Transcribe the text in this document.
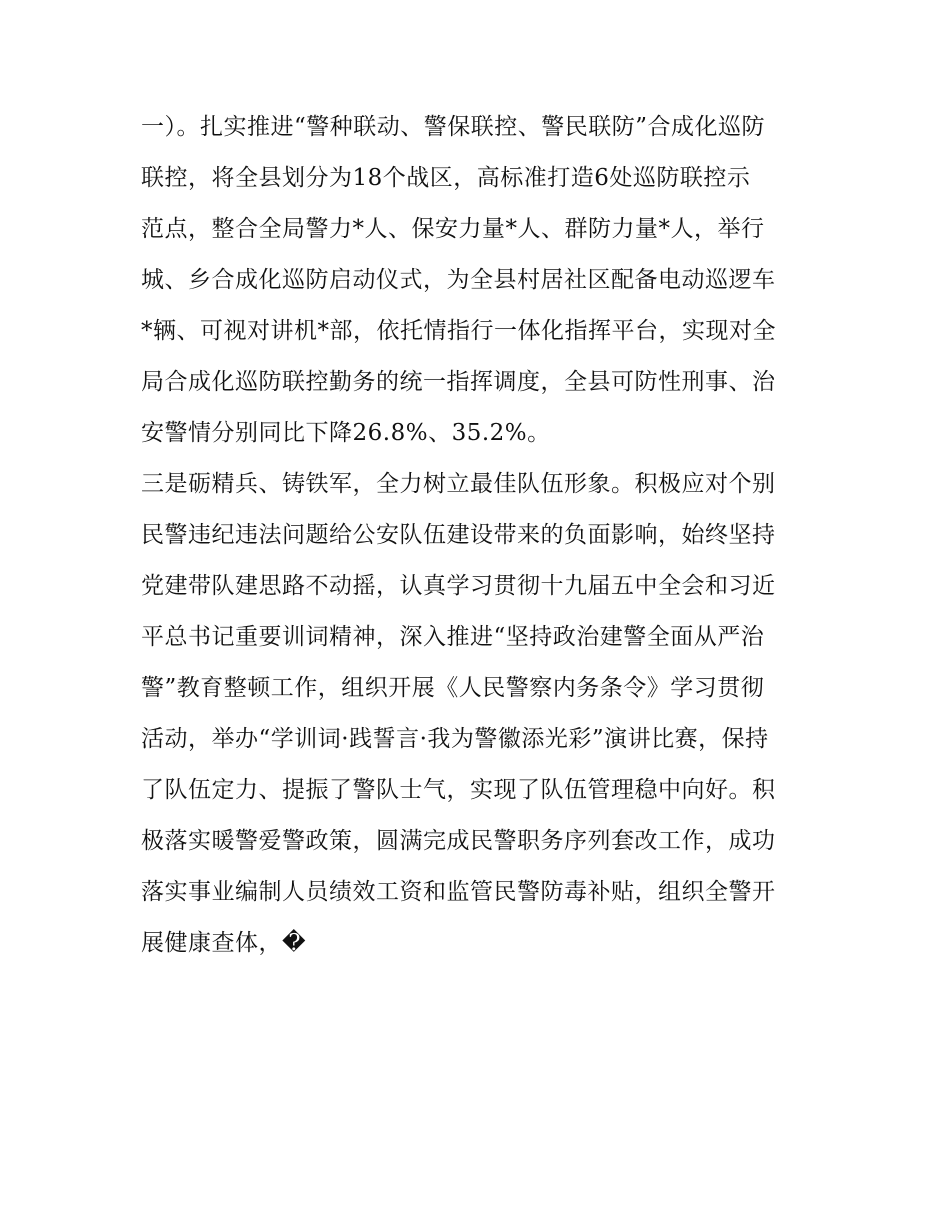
一）。扎实推进“警种联动、警保联控、警民联防”合成化巡防
联控，将全县划分为18个战区，高标准打造6处巡防联控示
范点，整合全局警力*人、保安力量*人、群防力量*人，举行
城、乡合成化巡防启动仪式，为全县村居社区配备电动巡逻车
*辆、可视对讲机*部，依托情指行一体化指挥平台，实现对全
局合成化巡防联控勤务的统一指挥调度，全县可防性刑事、治
安警情分别同比下降26.8%、35.2%。
三是砺精兵、铸铁军，全力树立最佳队伍形象。积极应对个别
民警违纪违法问题给公安队伍建设带来的负面影响，始终坚持
党建带队建思路不动摇，认真学习贯彻十九届五中全会和习近
平总书记重要训词精神，深入推进“坚持政治建警全面从严治
警”教育整顿工作，组织开展《人民警察内务条令》学习贯彻
活动，举办“学训词·践誓言·我为警徽添光彩”演讲比赛，保持
了队伍定力、提振了警队士气，实现了队伍管理稳中向好。积
极落实暖警爱警政策，圆满完成民警职务序列套改工作，成功
落实事业编制人员绩效工资和监管民警防毒补贴，组织全警开
展健康查体，�
